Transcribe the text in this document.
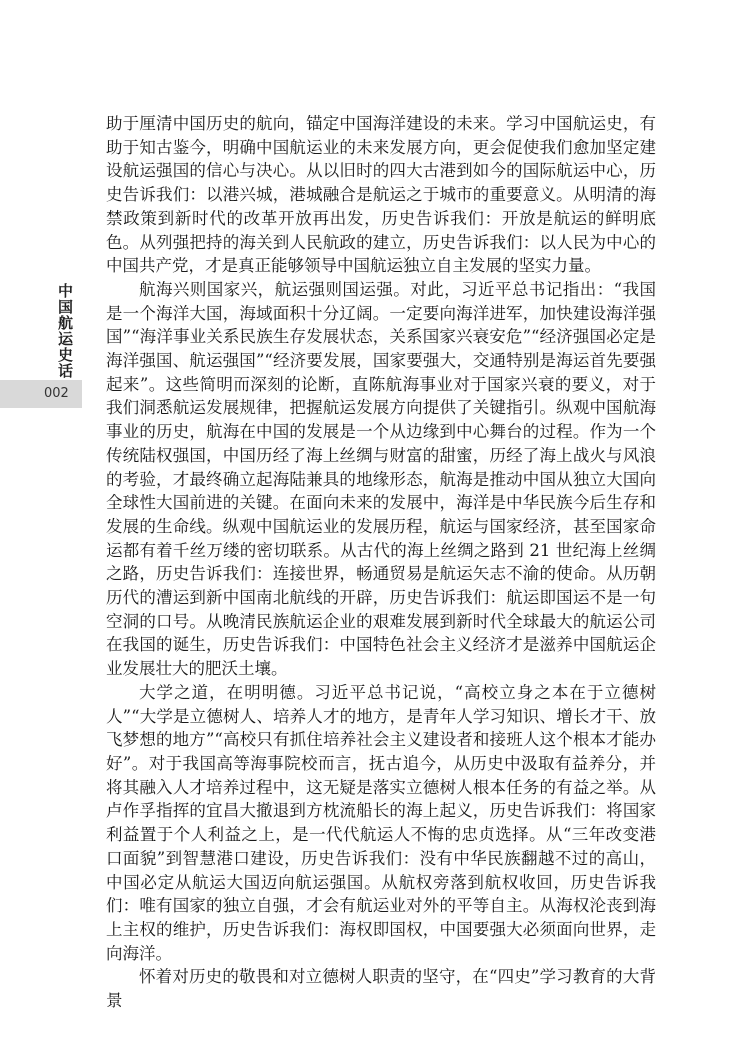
中国航运史话
002

助于厘清中国历史的航向，锚定中国海洋建设的未来。学习中国航运史，有助于知古鉴今，明确中国航运业的未来发展方向，更会促使我们愈加坚定建设航运强国的信心与决心。从以旧时的四大古港到如今的国际航运中心，历史告诉我们：以港兴城，港城融合是航运之于城市的重要意义。从明清的海禁政策到新时代的改革开放再出发，历史告诉我们：开放是航运的鲜明底色。从列强把持的海关到人民航政的建立，历史告诉我们：以人民为中心的中国共产党，才是真正能够领导中国航运独立自主发展的坚实力量。

航海兴则国家兴，航运强则国运强。对此，习近平总书记指出：“我国是一个海洋大国，海域面积十分辽阔。一定要向海洋进军，加快建设海洋强国”“海洋事业关系民族生存发展状态，关系国家兴衰安危”“经济强国必定是海洋强国、航运强国”“经济要发展，国家要强大，交通特别是海运首先要强起来”。这些简明而深刻的论断，直陈航海事业对于国家兴衰的要义，对于我们洞悉航运发展规律，把握航运发展方向提供了关键指引。纵观中国航海事业的历史，航海在中国的发展是一个从边缘到中心舞台的过程。作为一个传统陆权强国，中国历经了海上丝绸与财富的甜蜜，历经了海上战火与风浪的考验，才最终确立起海陆兼具的地缘形态，航海是推动中国从独立大国向全球性大国前进的关键。在面向未来的发展中，海洋是中华民族今后生存和发展的生命线。纵观中国航运业的发展历程，航运与国家经济，甚至国家命运都有着千丝万缕的密切联系。从古代的海上丝绸之路到 21 世纪海上丝绸之路，历史告诉我们：连接世界，畅通贸易是航运矢志不渝的使命。从历朝历代的漕运到新中国南北航线的开辟，历史告诉我们：航运即国运不是一句空洞的口号。从晚清民族航运企业的艰难发展到新时代全球最大的航运公司在我国的诞生，历史告诉我们：中国特色社会主义经济才是滋养中国航运企业发展壮大的肥沃土壤。

大学之道，在明明德。习近平总书记说，“高校立身之本在于立德树人”“大学是立德树人、培养人才的地方，是青年人学习知识、增长才干、放飞梦想的地方”“高校只有抓住培养社会主义建设者和接班人这个根本才能办好”。对于我国高等海事院校而言，抚古追今，从历史中汲取有益养分，并将其融入人才培养过程中，这无疑是落实立德树人根本任务的有益之举。从卢作孚指挥的宜昌大撤退到方枕流船长的海上起义，历史告诉我们：将国家利益置于个人利益之上，是一代代航运人不悔的忠贞选择。从“三年改变港口面貌”到智慧港口建设，历史告诉我们：没有中华民族翻越不过的高山，中国必定从航运大国迈向航运强国。从航权旁落到航权收回，历史告诉我们：唯有国家的独立自强，才会有航运业对外的平等自主。从海权沦丧到海上主权的维护，历史告诉我们：海权即国权，中国要强大必须面向世界，走向海洋。

怀着对历史的敬畏和对立德树人职责的坚守，在“四史”学习教育的大背景
